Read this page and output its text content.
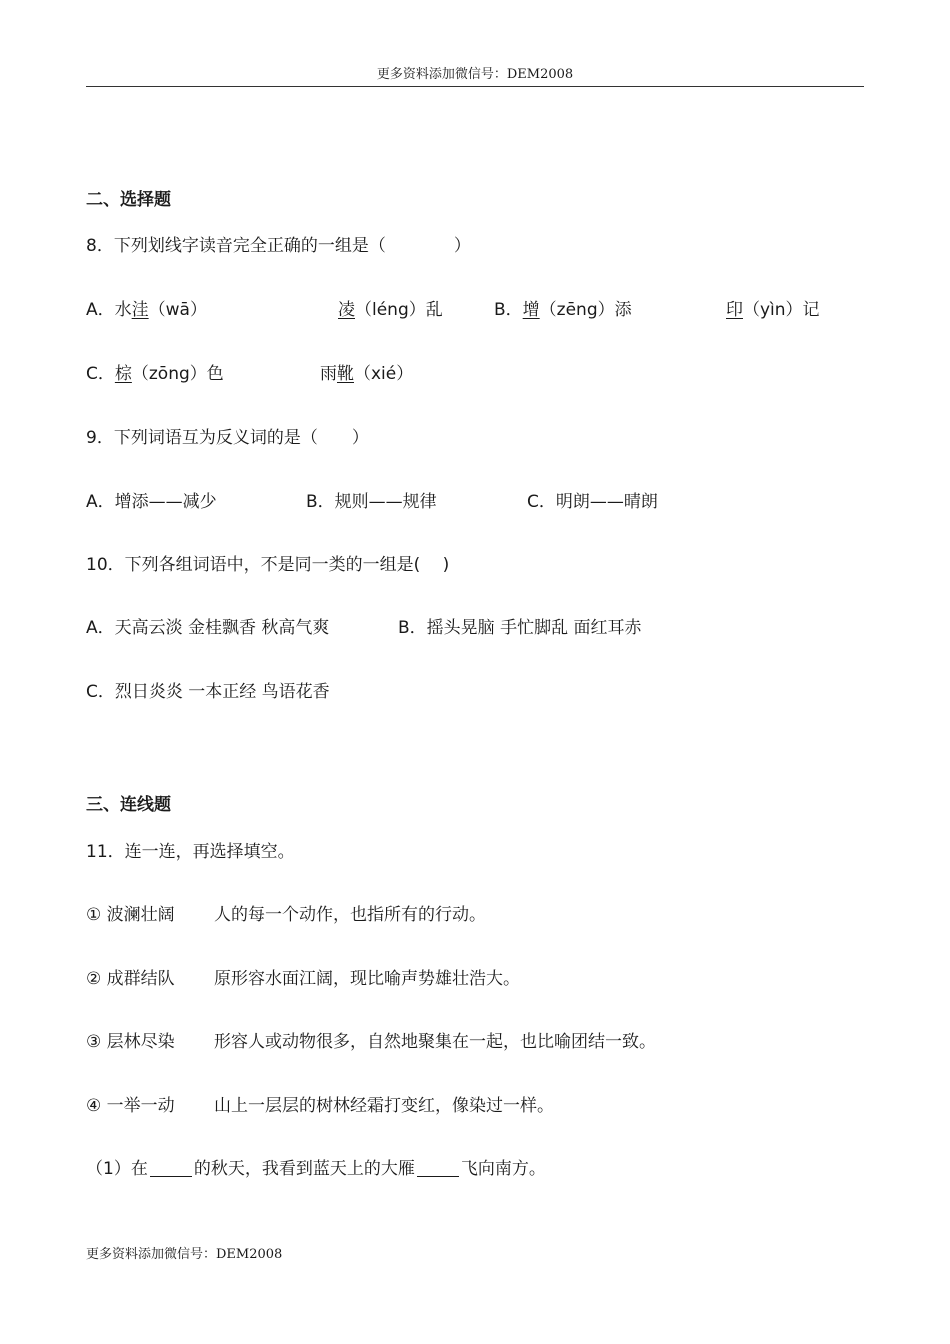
更多资料添加微信号：DEM2008
二、选择题
8．下列划线字读音完全正确的一组是（　　　　）
A．水洼（wā）	凌（léng）乱	B．增（zēng）添	印（yìn）记
C．棕（zōng）色	雨靴（xié）
9．下列词语互为反义词的是（　　）
A．增添——减少	B．规则——规律	C．明朗——晴朗
10．下列各组词语中，不是同一类的一组是(　 )
A．天高云淡 金桂飘香 秋高气爽	B．摇头晃脑 手忙脚乱 面红耳赤
C．烈日炎炎 一本正经 鸟语花香
三、连线题
11．连一连，再选择填空。
① 波澜壮阔 人的每一个动作，也指所有的行动。
② 成群结队 原形容水面江阔，现比喻声势雄壮浩大。
③ 层林尽染 形容人或动物很多，自然地聚集在一起，也比喻团结一致。
④ 一举一动 山上一层层的树林经霜打变红，像染过一样。
（1）在	的秋天，我看到蓝天上的大雁	飞向南方。
更多资料添加微信号：DEM2008
